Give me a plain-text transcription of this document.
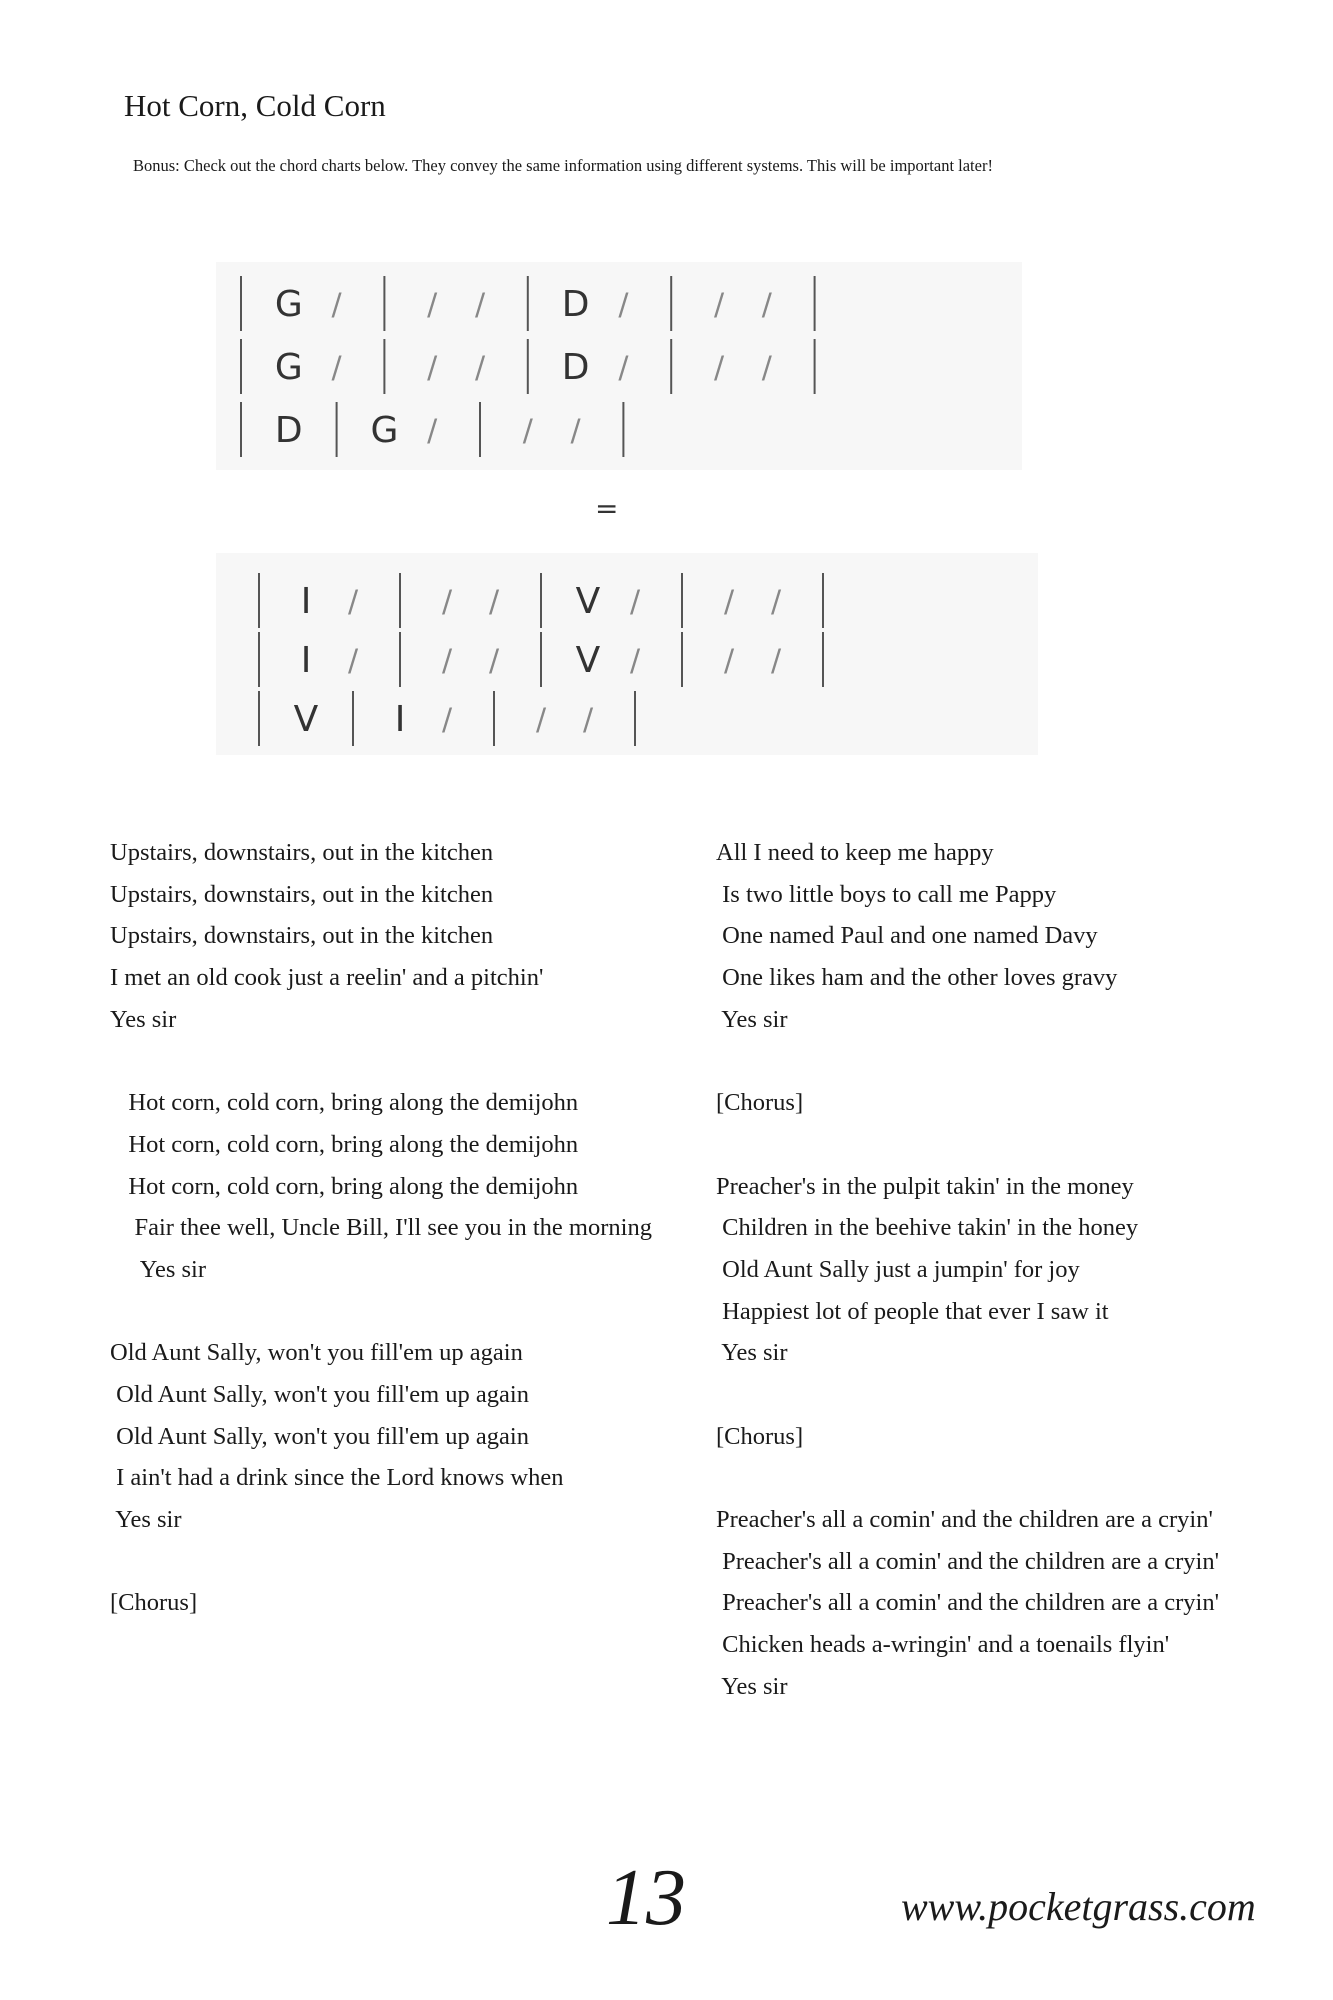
Hot Corn, Cold Corn

Bonus: Check out the chord charts below. They convey the same information using different systems. This will be important later!

G /	/ / D /	/ /
G /	/ / D /	/ /
D G /	/ /
=
I /	/ / V /	/ /
I /	/ / V /	/ /
V I /	/ /
Upstairs, downstairs, out in the kitchen
Upstairs, downstairs, out in the kitchen
Upstairs, downstairs, out in the kitchen
I met an old cook just a reelin' and a pitchin'
Yes sir
Hot corn, cold corn, bring along the demijohn
Hot corn, cold corn, bring along the demijohn
Hot corn, cold corn, bring along the demijohn
Fair thee well, Uncle Bill, I'll see you in the morning
Yes sir
Old Aunt Sally, won't you fill'em up again
Old Aunt Sally, won't you fill'em up again
Old Aunt Sally, won't you fill'em up again
I ain't had a drink since the Lord knows when
Yes sir
[Chorus]
All I need to keep me happy
Is two little boys to call me Pappy
One named Paul and one named Davy
One likes ham and the other loves gravy
Yes sir
[Chorus]
Preacher's in the pulpit takin' in the money
Children in the beehive takin' in the honey
Old Aunt Sally just a jumpin' for joy
Happiest lot of people that ever I saw it
Yes sir
[Chorus]
Preacher's all a comin' and the children are a cryin'
Preacher's all a comin' and the children are a cryin'
Preacher's all a comin' and the children are a cryin'
Chicken heads a-wringin' and a toenails flyin'
Yes sir
13	www.pocketgrass.com
